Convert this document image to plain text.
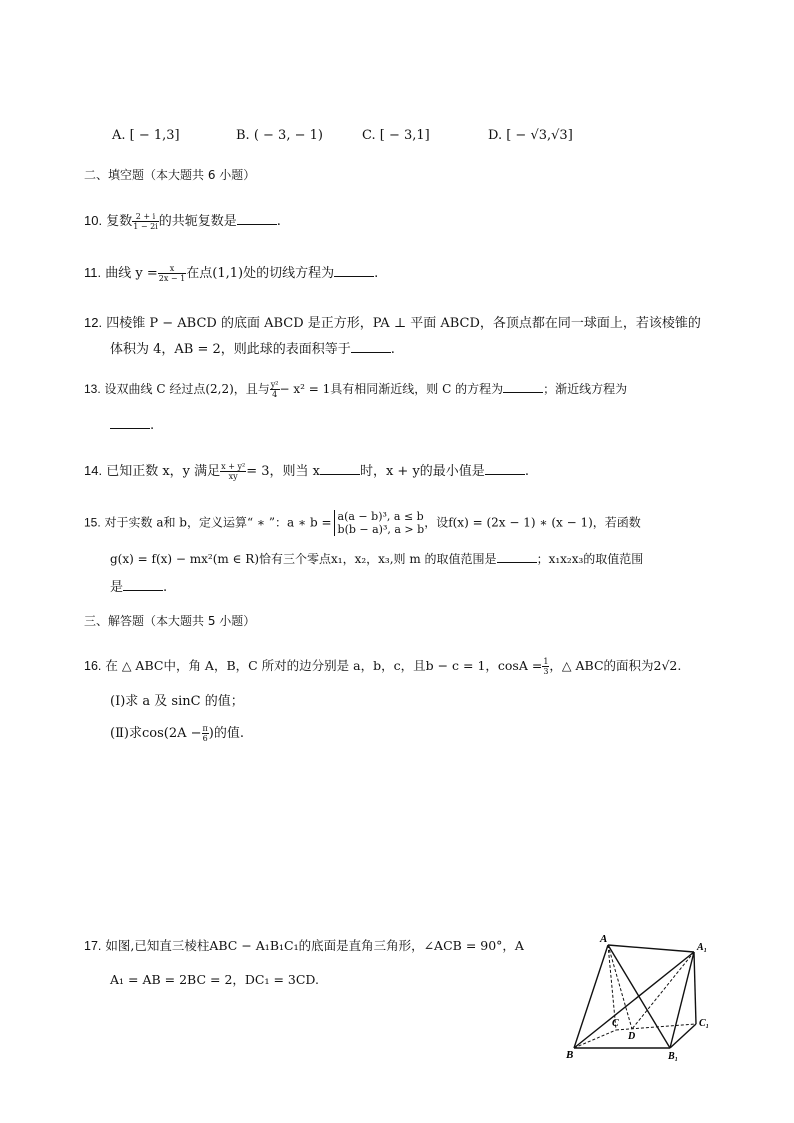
A. [ − 1,3]	B. ( − 3, − 1)	C. [ − 3,1]	D. [ − √3,√3]
二、填空题（本大题共 6 小题）
10. 复数 $\frac{2 + i}{1 - 2i}$ 的共轭复数是	.
11. 曲线 $y = \frac{x}{2x - 1}$ 在点(1,1)处的切线方程为	.
12. 四棱锥 P − ABCD 的底面 ABCD 是正方形，PA ⊥ 平面 ABCD，各顶点都在同一球面上，若该棱锥的
体积为 4，AB = 2，则此球的表面积等于	.
13. 设双曲线 C 经过点(2,2)，且与 $\frac{\text{y²}}{4} - x^2 = 1$具有相同渐近线，则 C 的方程为	；渐近线方程为
.
14. 已知正数 x，y 满足 $\frac{\text{x + y²}}{xy} = 3$，则当 x	时，x + y的最小值是	.
15. 对于实数 a和 b，定义运算“ ∗ ”：a ∗ b = a(a − b)³, a ≤ b
b(b − a)³, a > b ，设f(x) = (2x − 1) ∗ (x − 1)，若函数
g(x) = f(x) − mx²(m ∈ R)恰有三个零点x₁，x₂，x₃,则 m 的取值范围是	；x₁x₂x₃的取值范围
是	.
三、解答题（本大题共 5 小题）
16. 在 △ ABC中，角 A，B，C 所对的边分别是 a，b，c，且b − c = 1，$\cos A = \frac{1}{3}$ ，△ ABC的面积为2√2.
(Ⅰ)求 a 及 sinC 的值；
(Ⅱ)求$\cos(2A - \frac{\pi}{6}$ )的值.
17. 如图,已知直三棱柱ABC − A₁B₁C₁的底面是直角三角形，∠ACB = 90°，A
A₁ = AB = 2BC = 2，DC₁ = 3CD.
A
A₁
C	C₁
D
B	B₁
